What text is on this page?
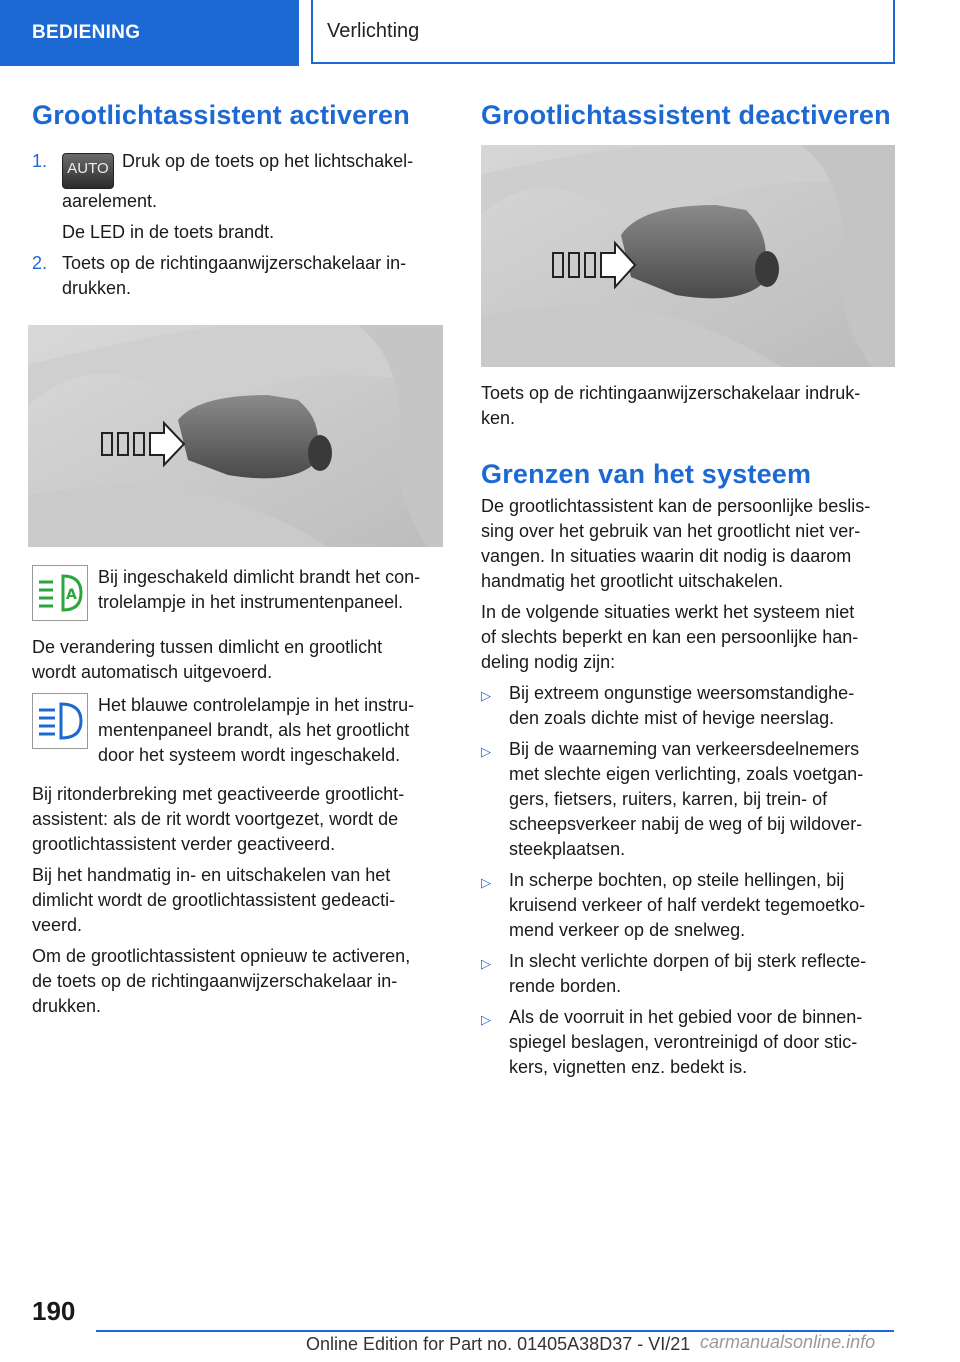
BEDIENING	Verlichting
Grootlichtassistent activeren
1.	AUTO Druk op de toets op het lichtschakel-
aarelement.
De LED in de toets brandt.
2. Toets op de richtingaanwijzerschakelaar in-
drukken.
A

Bij ingeschakeld dimlicht brandt het con-

trolelampje in het instrumentenpaneel.

De verandering tussen dimlicht en grootlicht

wordt automatisch uitgevoerd.

Het blauwe controlelampje in het instru-

mentenpaneel brandt, als het grootlicht

door het systeem wordt ingeschakeld.

Bij ritonderbreking met geactiveerde grootlicht-

assistent: als de rit wordt voortgezet, wordt de

grootlichtassistent verder geactiveerd.

Bij het handmatig in- en uitschakelen van het

dimlicht wordt de grootlichtassistent gedeacti-

veerd.

Om de grootlichtassistent opnieuw te activeren,

de toets op de richtingaanwijzerschakelaar in-

drukken.

Grootlichtassistent deactiveren

Toets op de richtingaanwijzerschakelaar indruk-

ken.

Grenzen van het systeem

De grootlichtassistent kan de persoonlijke beslis-

sing over het gebruik van het grootlicht niet ver-

vangen. In situaties waarin dit nodig is daarom

handmatig het grootlicht uitschakelen.

In de volgende situaties werkt het systeem niet

of slechts beperkt en kan een persoonlijke han-

deling nodig zijn:

▷	Bij extreem ongunstige weersomstandighe-
den zoals dichte mist of hevige neerslag.
▷	Bij de waarneming van verkeersdeelnemers
met slechte eigen verlichting, zoals voetgan-
gers, fietsers, ruiters, karren, bij trein- of
scheepsverkeer nabij de weg of bij wildover-
steekplaatsen.
▷	In scherpe bochten, op steile hellingen, bij
kruisend verkeer of half verdekt tegemoetko-
mend verkeer op de snelweg.
▷	In slecht verlichte dorpen of bij sterk reflecte-
rende borden.
▷	Als de voorruit in het gebied voor de binnen-
spiegel beslagen, verontreinigd of door stic-
kers, vignetten enz. bedekt is.
190
Online Edition for Part no. 01405A38D37 - VI/21 carmanualsonline.info
